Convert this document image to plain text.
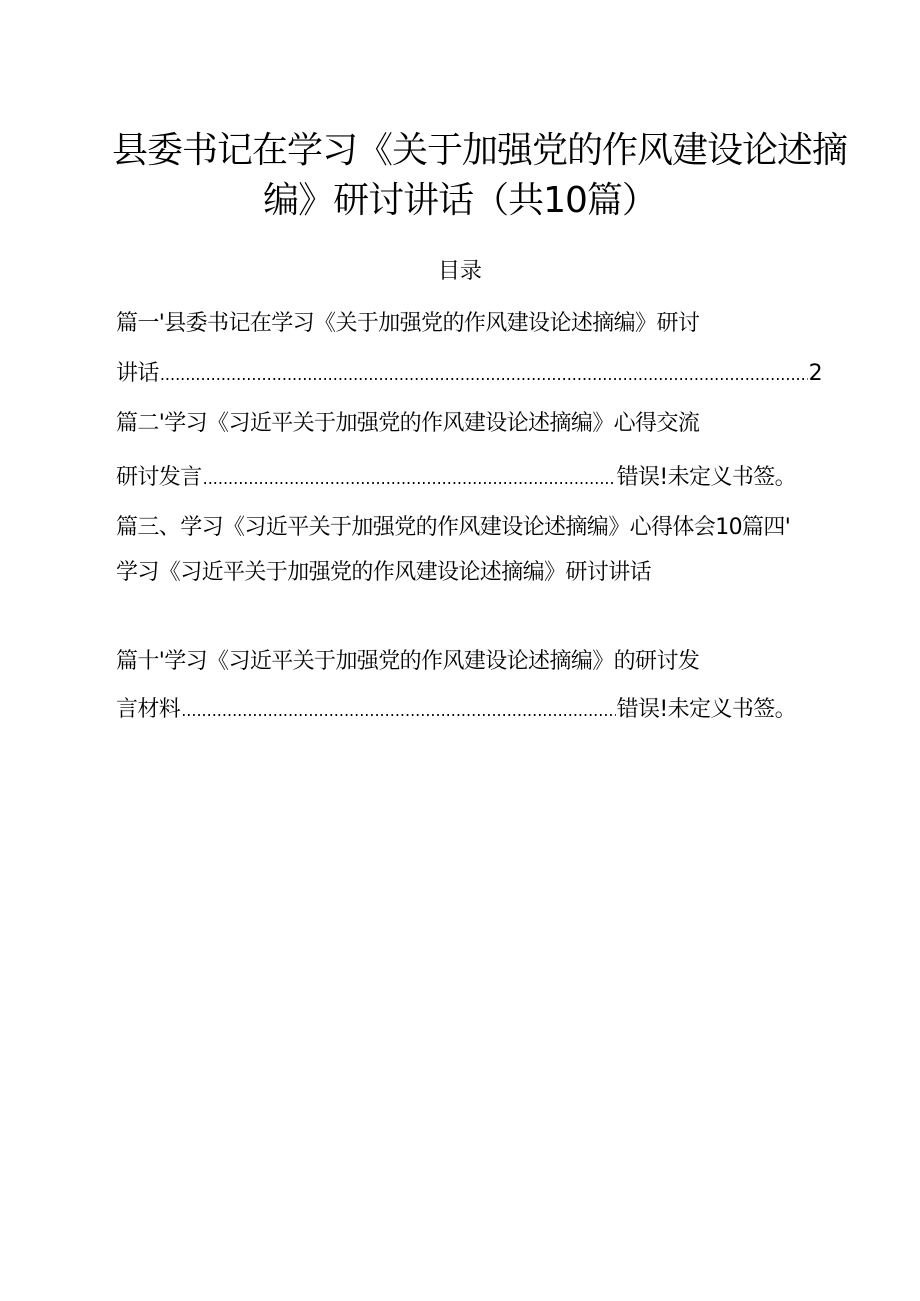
县委书记在学习《关于加强党的作风建设论述摘
编》研讨讲话（共10篇）
目录
篇一'县委书记在学习《关于加强党的作风建设论述摘编》研讨
讲话 .....	2
篇二'学习《习近平关于加强党的作风建设论述摘编》心得交流
研讨发言 .....	错误!未定义书签。
篇三、学习《习近平关于加强党的作风建设论述摘编》心得体会10篇四'
学习《习近平关于加强党的作风建设论述摘编》研讨讲话
篇十'学习《习近平关于加强党的作风建设论述摘编》的研讨发
言材料 .....	错误!未定义书签。
